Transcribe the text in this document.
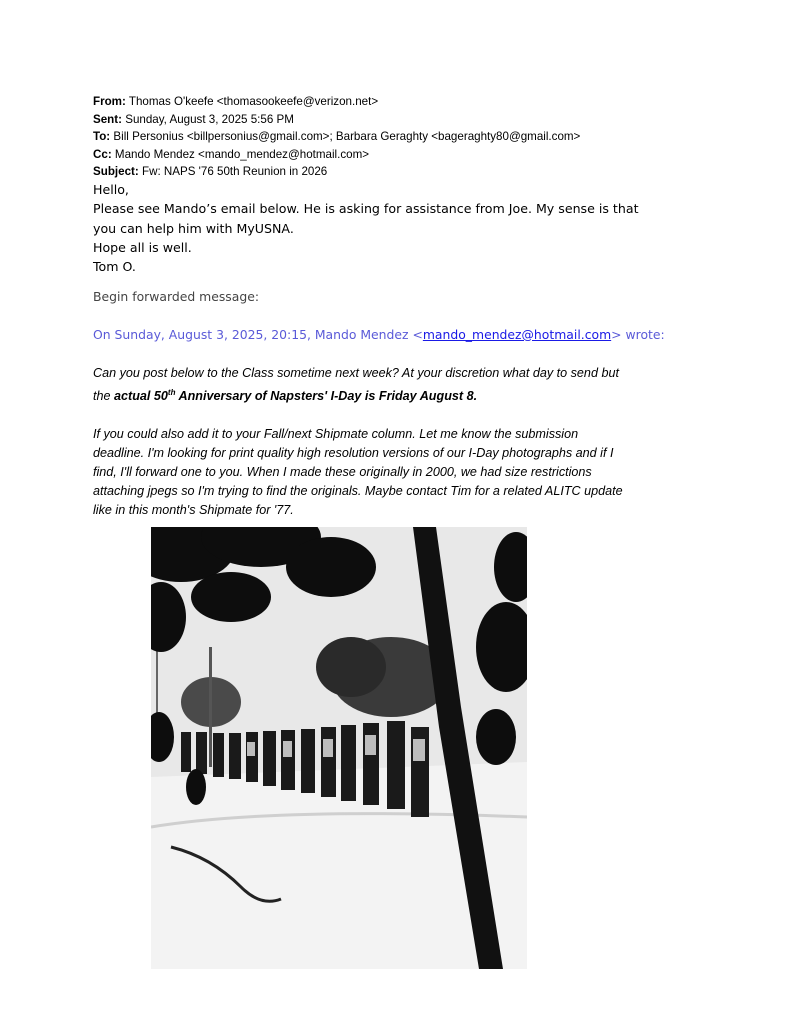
From: Thomas O'keefe <thomasookeefe@verizon.net>
Sent: Sunday, August 3, 2025 5:56 PM
To: Bill Personius <billpersonius@gmail.com>; Barbara Geraghty <bageraghty80@gmail.com>
Cc: Mando Mendez <mando_mendez@hotmail.com>
Subject: Fw: NAPS '76 50th Reunion in 2026

Hello,

Please see Mando’s email below. He is asking for assistance from Joe. My sense is that

you can help him with MyUSNA.

Hope all is well.

Tom O.

Begin forwarded message:
On Sunday, August 3, 2025, 20:15, Mando Mendez <mando_mendez@hotmail.com> wrote:

Can you post below to the Class sometime next week? At your discretion what day to send but

the actual 50th Anniversary of Napsters' I-Day is Friday August 8.

If you could also add it to your Fall/next Shipmate column. Let me know the submission

deadline. I'm looking for print quality high resolution versions of our I-Day photographs and if I

find, I'll forward one to you. When I made these originally in 2000, we had size restrictions

attaching jpegs so I'm trying to find the originals. Maybe contact Tim for a related ALITC update

like in this month's Shipmate for '77.
